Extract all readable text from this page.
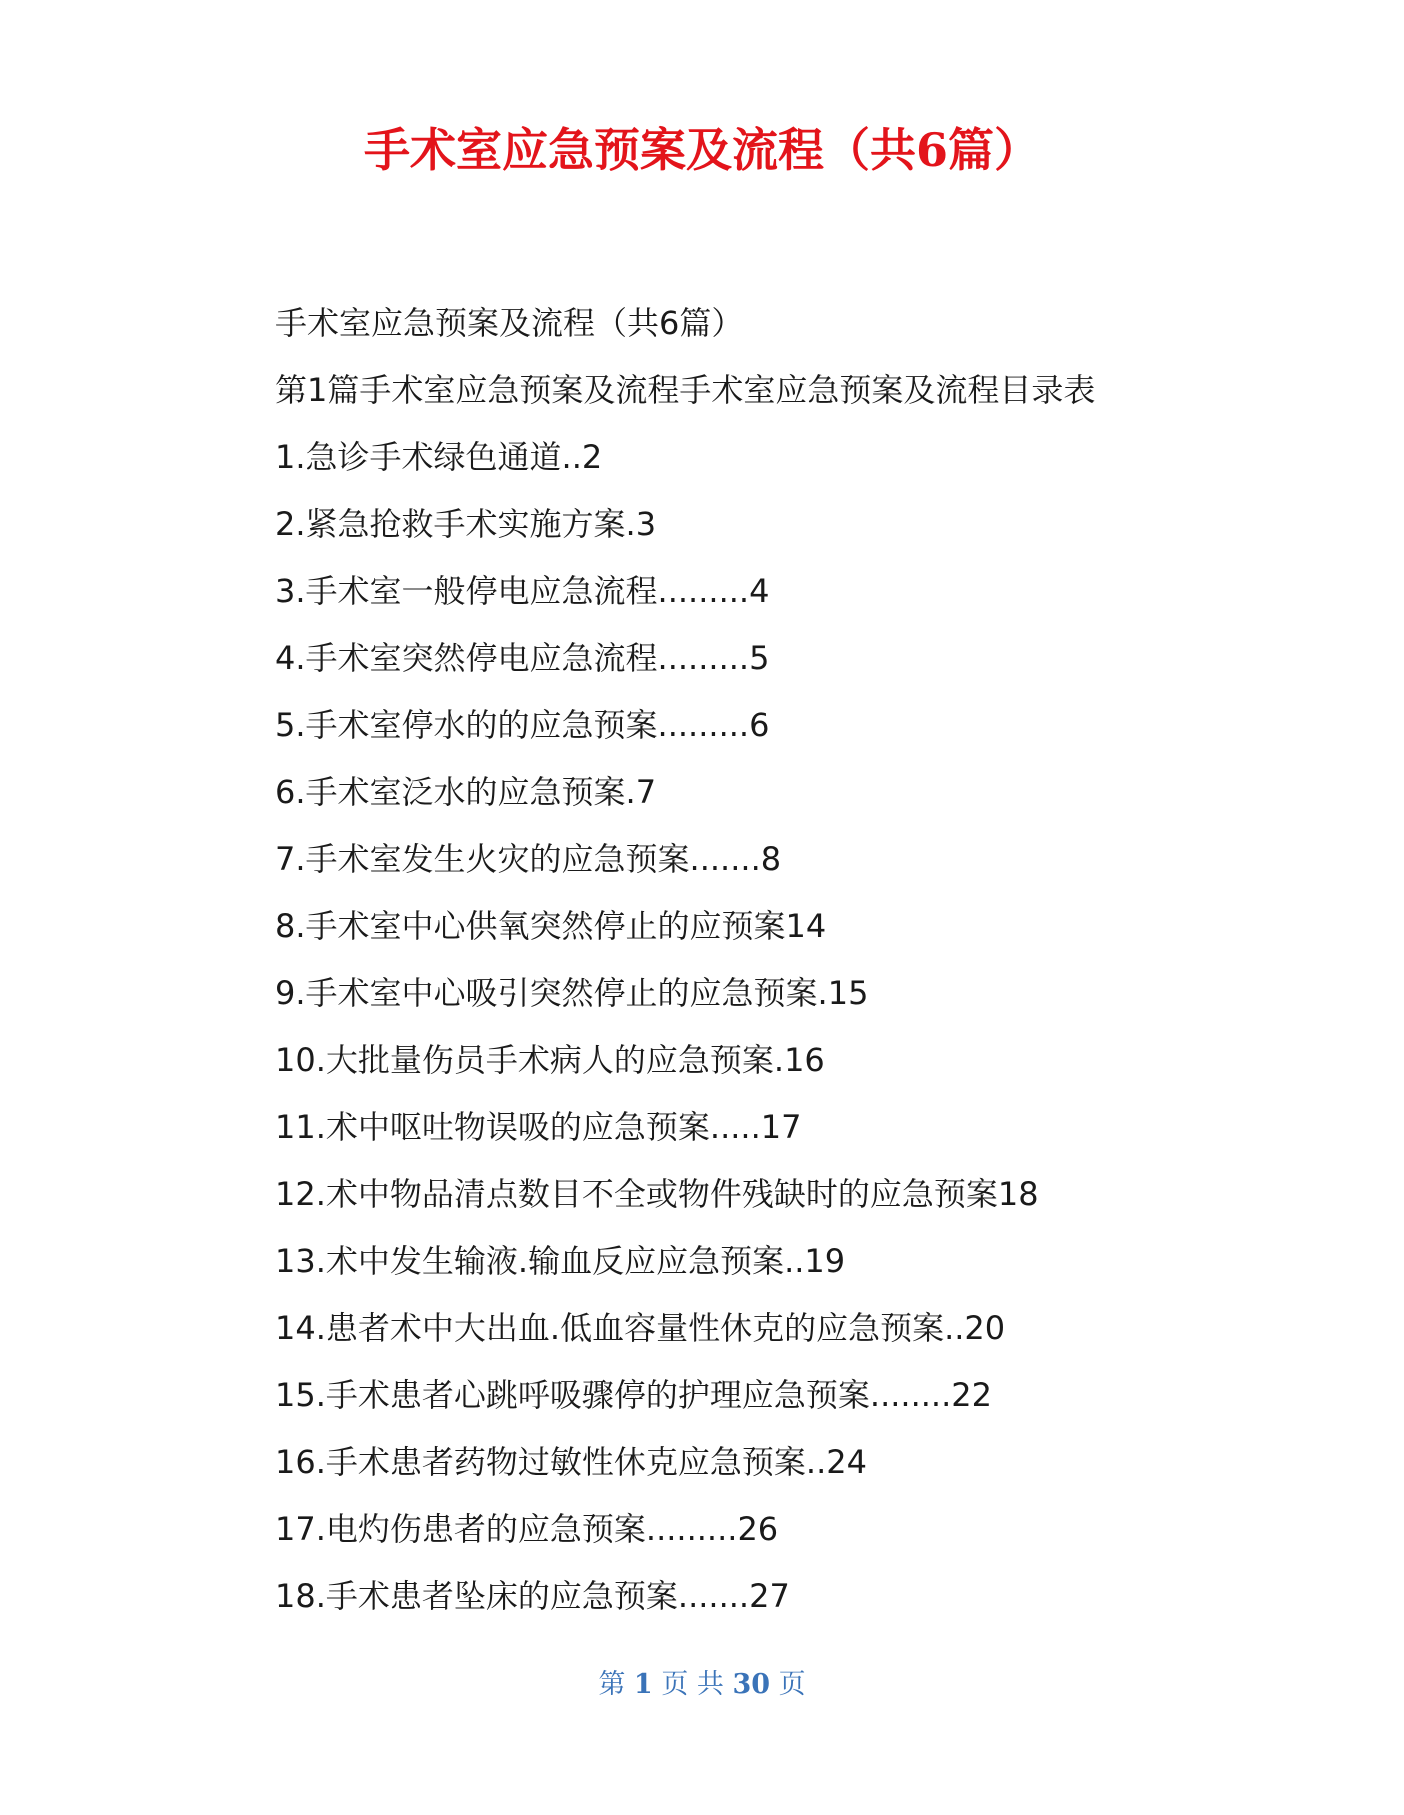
手术室应急预案及流程（共6篇）

手术室应急预案及流程（共6篇）

第1篇手术室应急预案及流程手术室应急预案及流程目录表

1.急诊手术绿色通道..2

2.紧急抢救手术实施方案.3

3.手术室一般停电应急流程.........4

4.手术室突然停电应急流程.........5

5.手术室停水的的应急预案.........6

6.手术室泛水的应急预案.7

7.手术室发生火灾的应急预案.......8

8.手术室中心供氧突然停止的应预案14

9.手术室中心吸引突然停止的应急预案.15

10.大批量伤员手术病人的应急预案.16

11.术中呕吐物误吸的应急预案.....17

12.术中物品清点数目不全或物件残缺时的应急预案18

13.术中发生输液.输血反应应急预案..19

14.患者术中大出血.低血容量性休克的应急预案..20

15.手术患者心跳呼吸骤停的护理应急预案........22

16.手术患者药物过敏性休克应急预案..24

17.电灼伤患者的应急预案.........26

18.手术患者坠床的应急预案.......27

第 1 页 共 30 页
